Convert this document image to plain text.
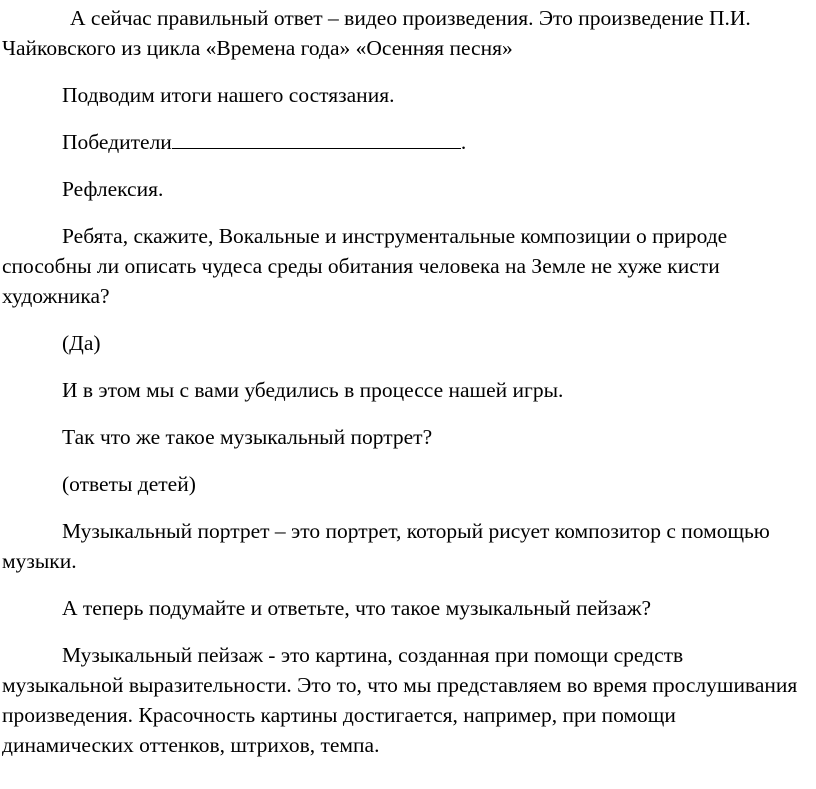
А сейчас правильный ответ – видео произведения. Это произведение П.И. Чайковского из цикла «Времена года» «Осенняя песня»

Подводим итоги нашего состязания.

Победители	.

Рефлексия.

Ребята, скажите, Вокальные и инструментальные композиции о природе способны ли описать чудеса среды обитания человека на Земле не хуже кисти художника?

(Да)

И в этом мы с вами убедились в процессе нашей игры.

Так что же такое музыкальный портрет?

(ответы детей)

Музыкальный портрет – это портрет, который рисует композитор с помощью музыки.

А теперь подумайте и ответьте, что такое музыкальный пейзаж?

Музыкальный пейзаж - это картина, созданная при помощи средств музыкальной выразительности. Это то, что мы представляем во время прослушивания произведения. Красочность картины достигается, например, при помощи динамических оттенков, штрихов, темпа.
